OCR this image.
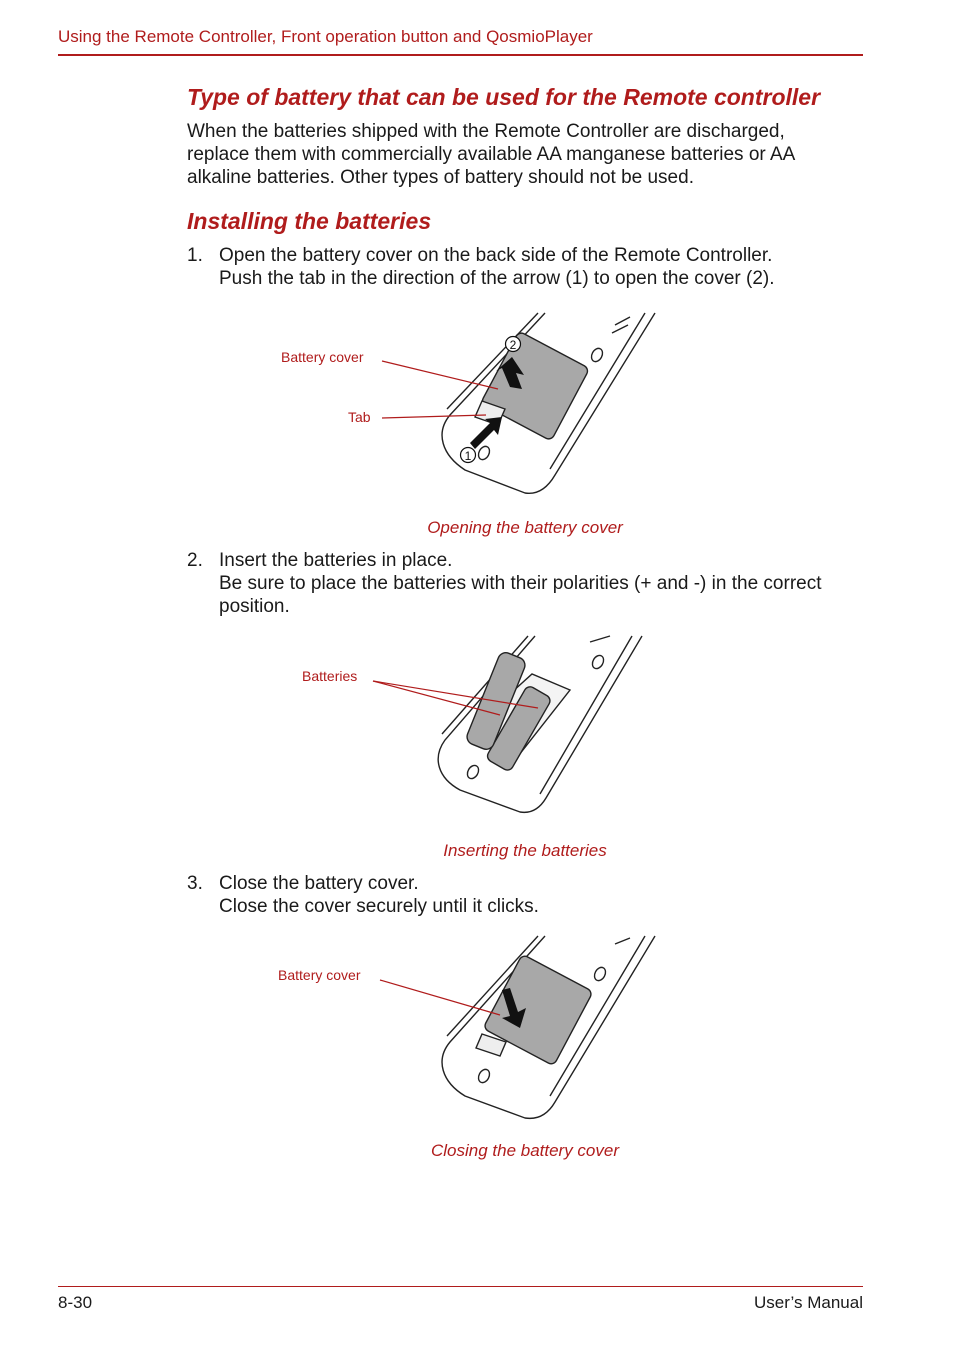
Using the Remote Controller, Front operation button and QosmioPlayer
Type of battery that can be used for the Remote controller
When the batteries shipped with the Remote Controller are discharged,
replace them with commercially available AA manganese batteries or AA
alkaline batteries. Other types of battery should not be used.
Installing the batteries
1. Open the battery cover on the back side of the Remote Controller.
Push the tab in the direction of the arrow (1) to open the cover (2).
2
1
Battery cover
Tab
Opening the battery cover
2. Insert the batteries in place.
Be sure to place the batteries with their polarities (+ and -) in the correct
position.
Batteries
Inserting the batteries
3. Close the battery cover.
Close the cover securely until it clicks.
Battery cover
Closing the battery cover
8-30	User’s Manual
